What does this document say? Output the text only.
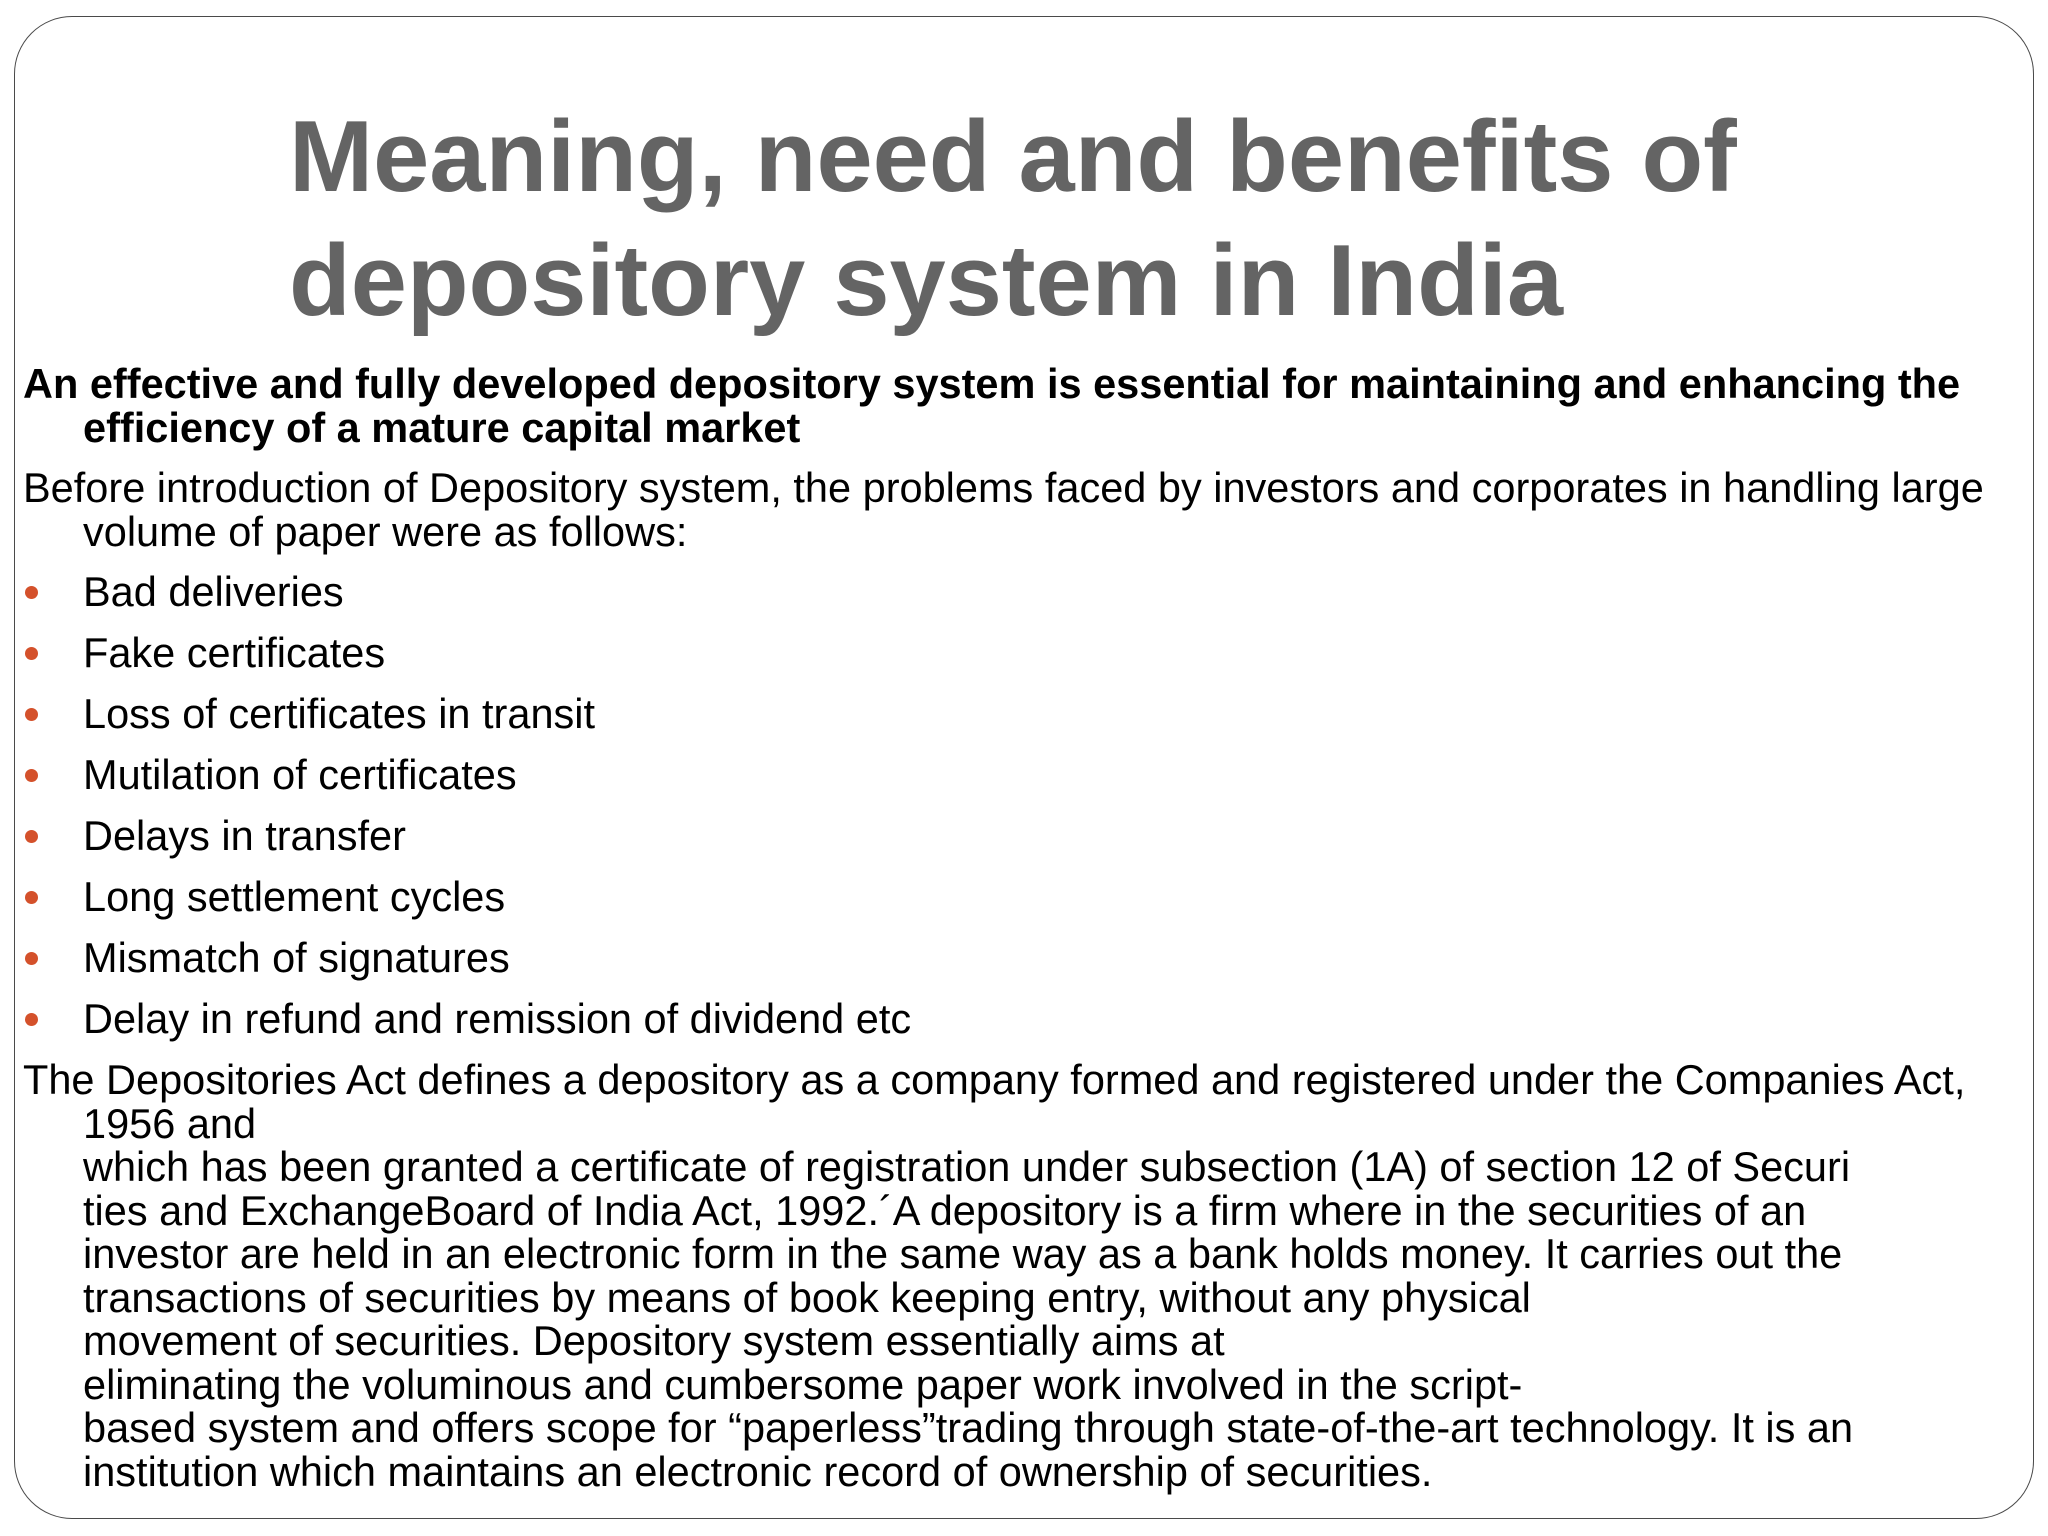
Meaning, need and benefits of
depository system in India

An effective and fully developed depository system is essential for maintaining and enhancing the efficiency of a mature capital market

Before introduction of Depository system, the problems faced by investors and corporates in handling large volume of paper were as follows:

Bad deliveries
Fake certificates
Loss of certificates in transit
Mutilation of certificates
Delays in transfer
Long settlement cycles
Mismatch of signatures
Delay in refund and remission of dividend etc
The Depositories Act defines a depository as a company formed and registered under the Companies Act, 1956 and
which has been granted a certificate of registration under subsection (1A) of section 12 of Securi
ties and ExchangeBoard of India Act, 1992.´A depository is a firm where in the securities of an
investor are held in an electronic form in the same way as a bank holds money. It carries out the
transactions of securities by means of book keeping entry, without any physical
movement of securities. Depository system essentially aims at
eliminating the voluminous and cumbersome paper work involved in the script-
based system and offers scope for “paperless”trading through state-of-the-art technology. It is an
institution which maintains an electronic record of ownership of securities.
